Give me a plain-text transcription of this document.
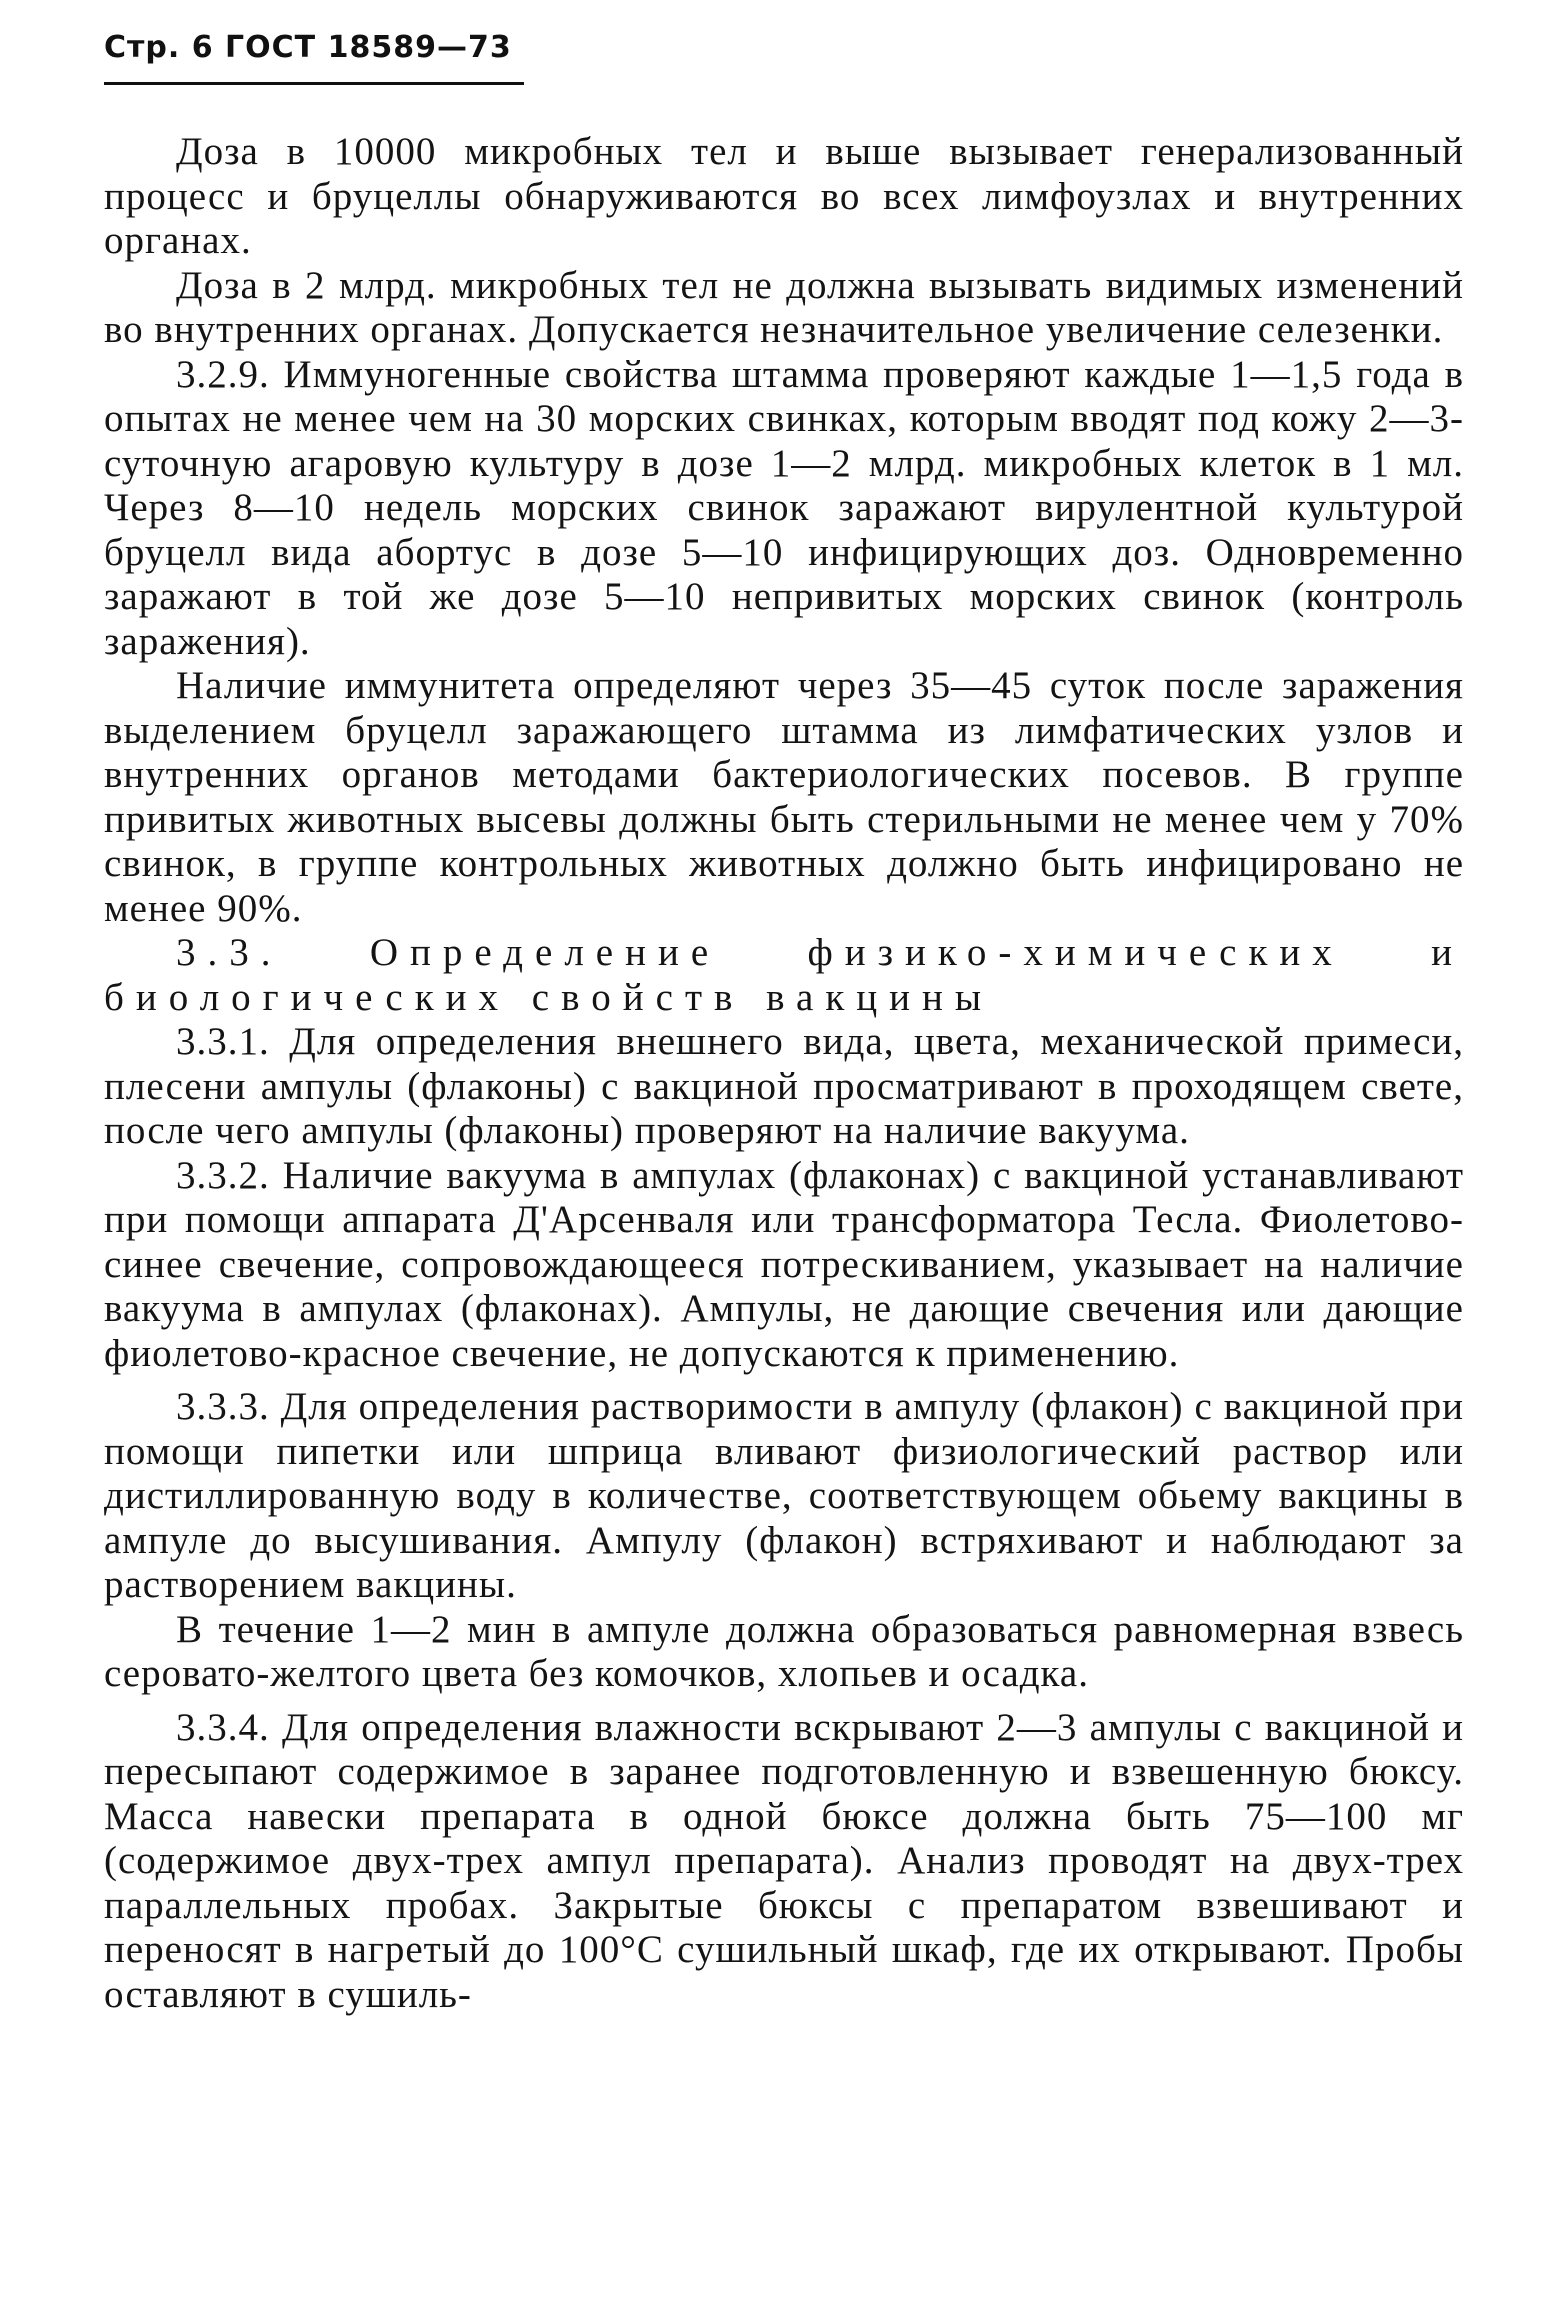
Стр. 6 ГОСТ 18589—73

Доза в 10000 микробных тел и выше вызывает генерализованный процесс и бруцеллы обнаруживаются во всех лимфоузлах и внутренних органах.

Доза в 2 млрд. микробных тел не должна вызывать видимых изменений во внутренних органах. Допускается незначительное увеличение селезенки.

3.2.9. Иммуногенные свойства штамма проверяют каждые 1—1,5 года в опытах не менее чем на 30 морских свинках, которым вводят под кожу 2—3-суточную агаровую культуру в дозе 1—2 млрд. микробных клеток в 1 мл. Через 8—10 недель морских свинок заражают вирулентной культурой бруцелл вида абортус в дозе 5—10 инфицирующих доз. Одновременно заражают в той же дозе 5—10 непривитых морских свинок (контроль заражения).

Наличие иммунитета определяют через 35—45 суток после заражения выделением бруцелл заражающего штамма из лимфатических узлов и внутренних органов методами бактериологических посевов. В группе привитых животных высевы должны быть стерильными не менее чем у 70% свинок, в группе контрольных животных должно быть инфицировано не менее 90%.

3.3. Определение физико-химических и биологических свойств вакцины

3.3.1. Для определения внешнего вида, цвета, механической примеси, плесени ампулы (флаконы) с вакциной просматривают в проходящем свете, после чего ампулы (флаконы) проверяют на наличие вакуума.

3.3.2. Наличие вакуума в ампулах (флаконах) с вакциной устанавливают при помощи аппарата Д'Арсенваля или трансформатора Тесла. Фиолетово-синее свечение, сопровождающееся потрескиванием, указывает на наличие вакуума в ампулах (флаконах). Ампулы, не дающие свечения или дающие фиолетово-красное свечение, не допускаются к применению.

3.3.3. Для определения растворимости в ампулу (флакон) с вакциной при помощи пипетки или шприца вливают физиологический раствор или дистиллированную воду в количестве, соответствующем обьему вакцины в ампуле до высушивания. Ампулу (флакон) встряхивают и наблюдают за растворением вакцины.

В течение 1—2 мин в ампуле должна образоваться равномерная взвесь серовато-желтого цвета без комочков, хлопьев и осадка.

3.3.4. Для определения влажности вскрывают 2—3 ампулы с вакциной и пересыпают содержимое в заранее подготовленную и взвешенную бюксу. Масса навески препарата в одной бюксе должна быть 75—100 мг (содержимое двух-трех ампул препарата). Анализ проводят на двух-трех параллельных пробах. Закрытые бюксы с препаратом взвешивают и переносят в нагретый до 100°С сушильный шкаф, где их открывают. Пробы оставляют в сушиль-
